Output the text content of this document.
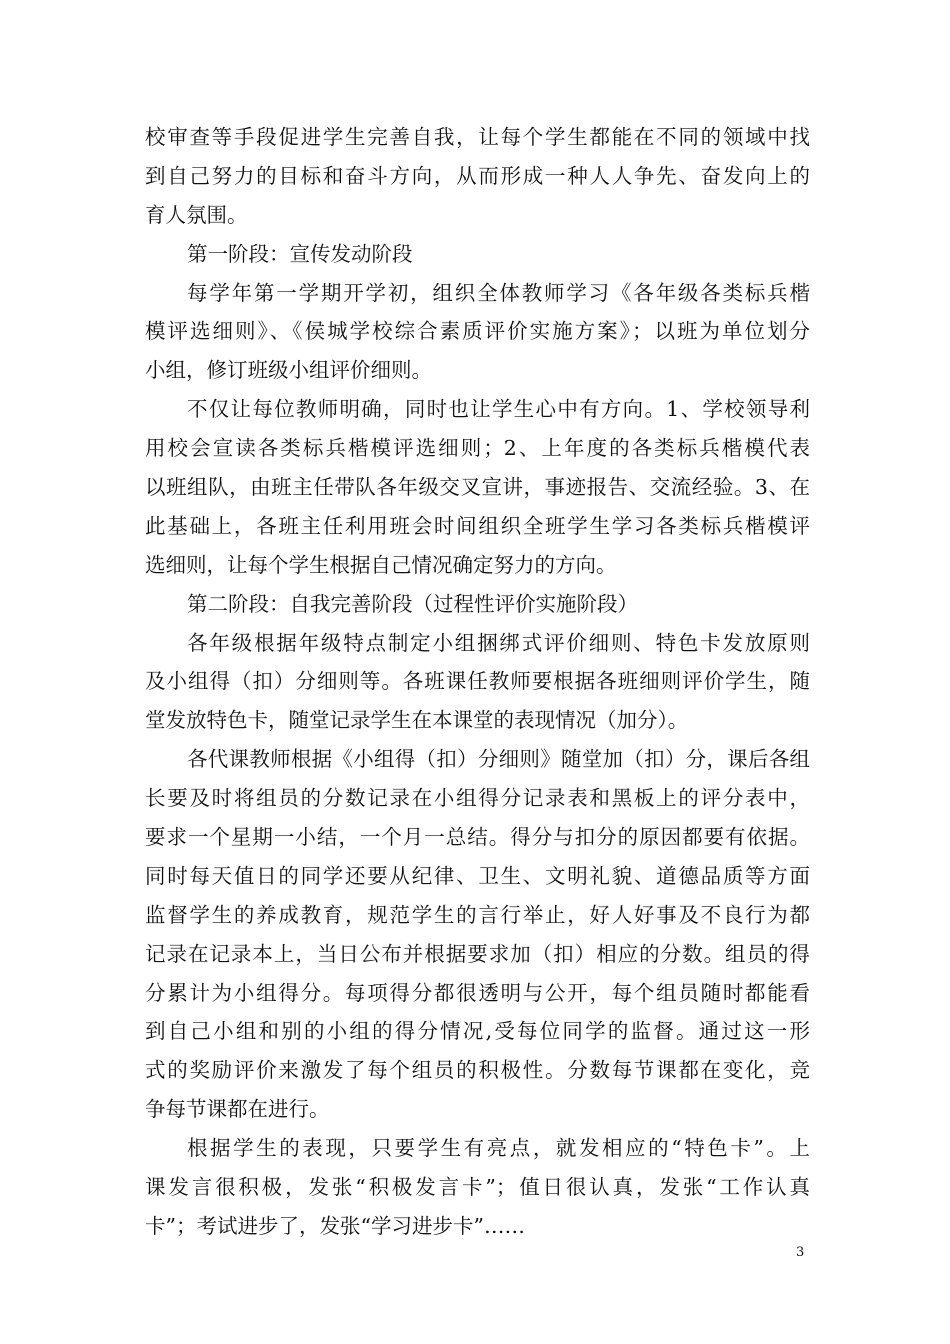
校审查等手段促进学生完善自我，让每个学生都能在不同的领域中找
到自己努力的目标和奋斗方向，从而形成一种人人争先、奋发向上的
育人氛围。
第一阶段：宣传发动阶段
每学年第一学期开学初，组织全体教师学习《各年级各类标兵楷
模评选细则》、《侯城学校综合素质评价实施方案》；以班为单位划分
小组，修订班级小组评价细则。
不仅让每位教师明确，同时也让学生心中有方向。1、学校领导利
用校会宣读各类标兵楷模评选细则；2、上年度的各类标兵楷模代表
以班组队，由班主任带队各年级交叉宣讲，事迹报告、交流经验。3、在
此基础上，各班主任利用班会时间组织全班学生学习各类标兵楷模评
选细则，让每个学生根据自己情况确定努力的方向。
第二阶段：自我完善阶段（过程性评价实施阶段）
各年级根据年级特点制定小组捆绑式评价细则、特色卡发放原则
及小组得（扣）分细则等。各班课任教师要根据各班细则评价学生，随
堂发放特色卡，随堂记录学生在本课堂的表现情况（加分）。
各代课教师根据《小组得（扣）分细则》随堂加（扣）分，课后各组
长要及时将组员的分数记录在小组得分记录表和黑板上的评分表中，
要求一个星期一小结，一个月一总结。得分与扣分的原因都要有依据。
同时每天值日的同学还要从纪律、卫生、文明礼貌、道德品质等方面
监督学生的养成教育，规范学生的言行举止，好人好事及不良行为都
记录在记录本上，当日公布并根据要求加（扣）相应的分数。组员的得
分累计为小组得分。每项得分都很透明与公开，每个组员随时都能看
到自己小组和别的小组的得分情况,受每位同学的监督。通过这一形
式的奖励评价来激发了每个组员的积极性。分数每节课都在变化，竞
争每节课都在进行。
根据学生的表现，只要学生有亮点，就发相应的“特色卡”。上
课发言很积极，发张“积极发言卡”；值日很认真，发张“工作认真
卡”；考试进步了，发张“学习进步卡”……
3
